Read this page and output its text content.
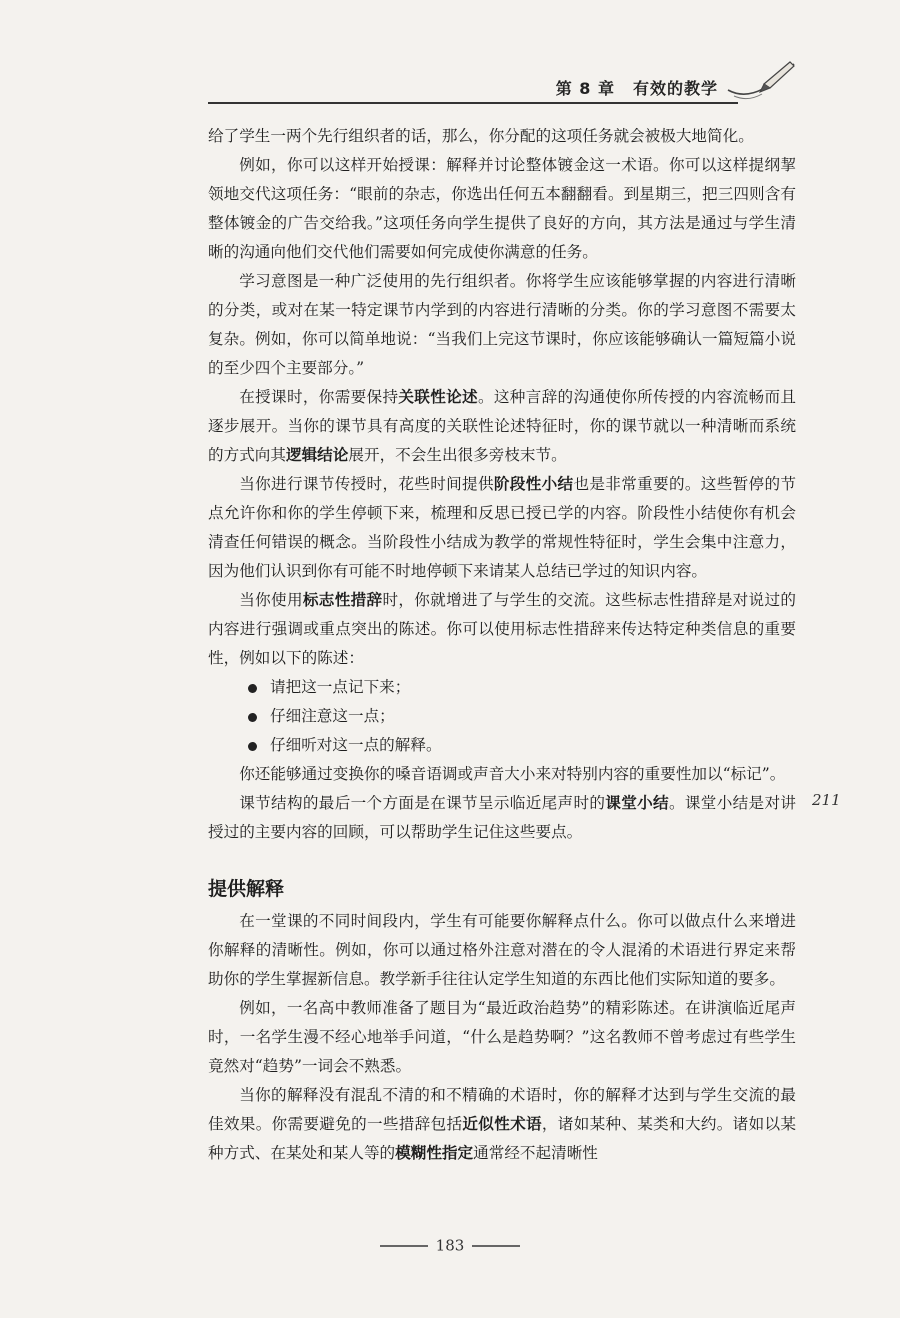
第 8 章 有效的教学

给了学生一两个先行组织者的话，那么，你分配的这项任务就会被极大地简化。

例如，你可以这样开始授课：解释并讨论整体镀金这一术语。你可以这样提纲挈领地交代这项任务：“眼前的杂志，你选出任何五本翻翻看。到星期三，把三四则含有整体镀金的广告交给我。”这项任务向学生提供了良好的方向，其方法是通过与学生清晰的沟通向他们交代他们需要如何完成使你满意的任务。

学习意图是一种广泛使用的先行组织者。你将学生应该能够掌握的内容进行清晰的分类，或对在某一特定课节内学到的内容进行清晰的分类。你的学习意图不需要太复杂。例如，你可以简单地说：“当我们上完这节课时，你应该能够确认一篇短篇小说的至少四个主要部分。”

在授课时，你需要保持关联性论述。这种言辞的沟通使你所传授的内容流畅而且逐步展开。当你的课节具有高度的关联性论述特征时，你的课节就以一种清晰而系统的方式向其逻辑结论展开，不会生出很多旁枝末节。

当你进行课节传授时，花些时间提供阶段性小结也是非常重要的。这些暂停的节点允许你和你的学生停顿下来，梳理和反思已授已学的内容。阶段性小结使你有机会清查任何错误的概念。当阶段性小结成为教学的常规性特征时，学生会集中注意力，因为他们认识到你有可能不时地停顿下来请某人总结已学过的知识内容。

当你使用标志性措辞时，你就增进了与学生的交流。这些标志性措辞是对说过的内容进行强调或重点突出的陈述。你可以使用标志性措辞来传达特定种类信息的重要性，例如以下的陈述：

请把这一点记下来；
仔细注意这一点；
仔细听对这一点的解释。

你还能够通过变换你的嗓音语调或声音大小来对特别内容的重要性加以“标记”。

课节结构的最后一个方面是在课节呈示临近尾声时的课堂小结。课堂小结是对讲授过的主要内容的回顾，可以帮助学生记住这些要点。

提供解释

在一堂课的不同时间段内，学生有可能要你解释点什么。你可以做点什么来增进你解释的清晰性。例如，你可以通过格外注意对潜在的令人混淆的术语进行界定来帮助你的学生掌握新信息。教学新手往往认定学生知道的东西比他们实际知道的要多。

例如，一名高中教师准备了题目为“最近政治趋势”的精彩陈述。在讲演临近尾声时，一名学生漫不经心地举手问道，“什么是趋势啊？”这名教师不曾考虑过有些学生竟然对“趋势”一词会不熟悉。

当你的解释没有混乱不清的和不精确的术语时，你的解释才达到与学生交流的最佳效果。你需要避免的一些措辞包括近似性术语，诸如某种、某类和大约。诸如以某种方式、在某处和某人等的模糊性指定通常经不起清晰性

211
183
